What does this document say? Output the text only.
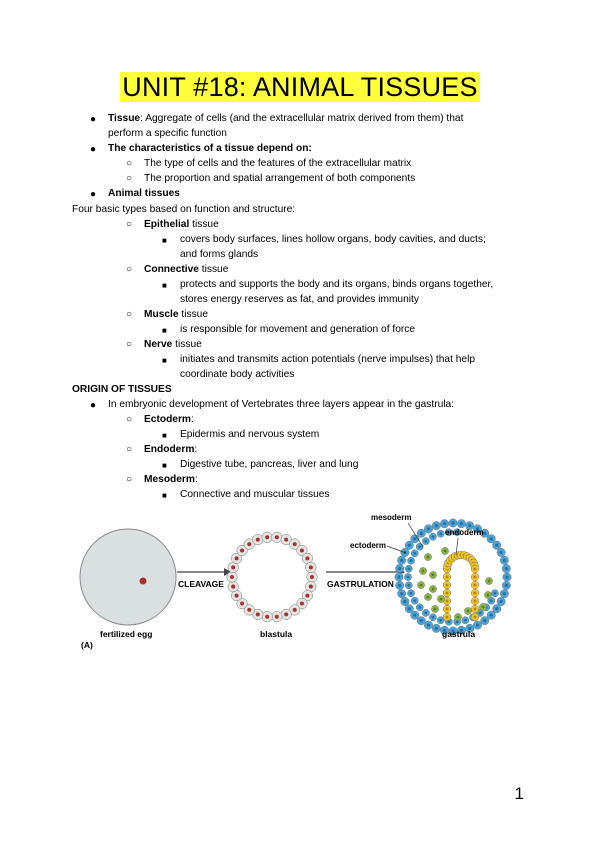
UNIT #18: ANIMAL TISSUES
● Tissue: Aggregate of cells (and the extracellular matrix derived from them) that
perform a specific function
● The characteristics of a tissue depend on:
○ The type of cells and the features of the extracellular matrix
○ The proportion and spatial arrangement of both components
● Animal tissues
Four basic types based on function and structure:
○ Epithelial tissue
■ covers body surfaces, lines hollow organs, body cavities, and ducts;
and forms glands
○ Connective tissue
■ protects and supports the body and its organs, binds organs together,
stores energy reserves as fat, and provides immunity
○ Muscle tissue
■ is responsible for movement and generation of force
○ Nerve tissue
■ initiates and transmits action potentials (nerve impulses) that help
coordinate body activities
ORIGIN OF TISSUES
● In embryonic development of Vertebrates three layers appear in the gastrula:
○ Ectoderm:
■ Epidermis and nervous system
○ Endoderm:
■ Digestive tube, pancreas, liver and lung
○ Mesoderm:
■ Connective and muscular tissues
fertilized egg
(A)
CLEAVAGE
blastula
GASTRULATION
gastrula
mesoderm
ectoderm
endoderm
1
